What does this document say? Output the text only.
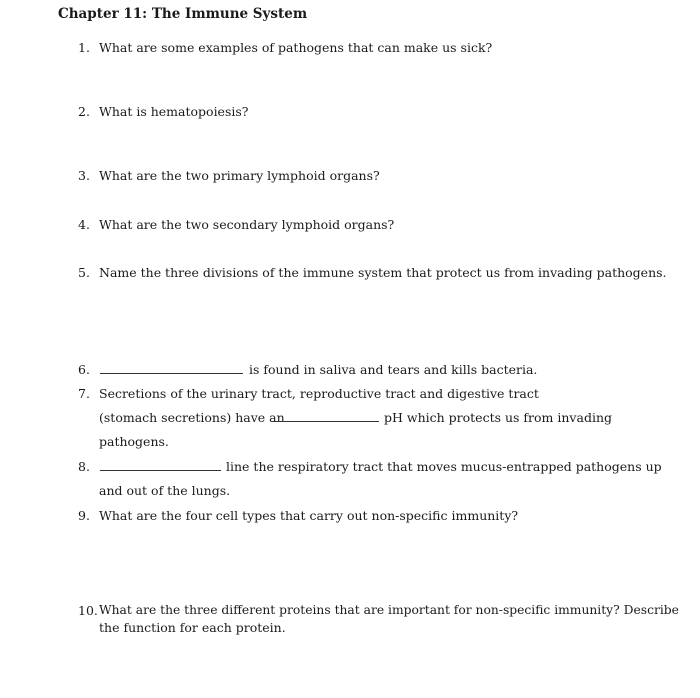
Chapter 11: The Immune System
1. What are some examples of pathogens that can make us sick?
2. What is hematopoiesis?
3. What are the two primary lymphoid organs?
4. What are the two secondary lymphoid organs?
5. Name the three divisions of the immune system that protect us from invading pathogens.
6.	is found in saliva and tears and kills bacteria.
7. Secretions of the urinary tract, reproductive tract and digestive tract
(stomach secretions) have an	pH which protects us from invading
pathogens.
8.	line the respiratory tract that moves mucus-entrapped pathogens up
and out of the lungs.
9. What are the four cell types that carry out non-specific immunity?
10. What are the three different proteins that are important for non-specific immunity? Describe
the function for each protein.
